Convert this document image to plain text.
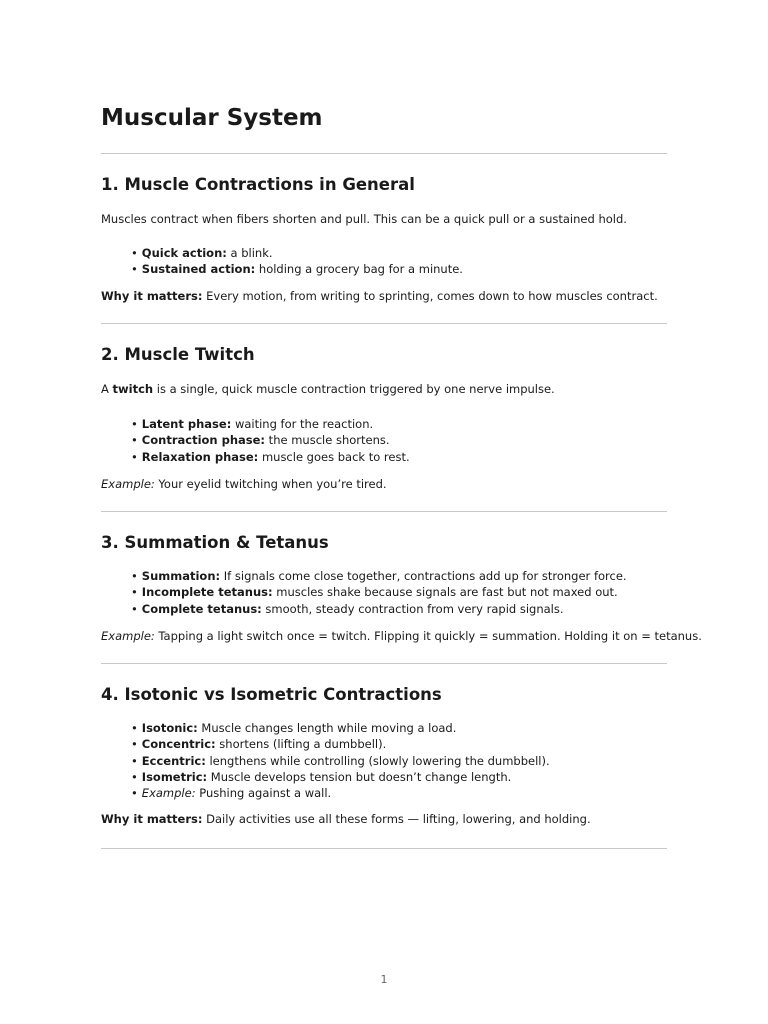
Muscular System
1. Muscle Contractions in General

Muscles contract when fibers shorten and pull. This can be a quick pull or a sustained hold.

• Quick action: a blink.
• Sustained action: holding a grocery bag for a minute.

Why it matters: Every motion, from writing to sprinting, comes down to how muscles contract.

2. Muscle Twitch

A twitch is a single, quick muscle contraction triggered by one nerve impulse.

• Latent phase: waiting for the reaction.
• Contraction phase: the muscle shortens.
• Relaxation phase: muscle goes back to rest.

Example: Your eyelid twitching when you’re tired.

3. Summation & Tetanus
• Summation: If signals come close together, contractions add up for stronger force.
• Incomplete tetanus: muscles shake because signals are fast but not maxed out.
• Complete tetanus: smooth, steady contraction from very rapid signals.

Example: Tapping a light switch once = twitch. Flipping it quickly = summation. Holding it on = tetanus.

4. Isotonic vs Isometric Contractions
• Isotonic: Muscle changes length while moving a load.
• Concentric: shortens (lifting a dumbbell).
• Eccentric: lengthens while controlling (slowly lowering the dumbbell).
• Isometric: Muscle develops tension but doesn’t change length.
• Example: Pushing against a wall.

Why it matters: Daily activities use all these forms — lifting, lowering, and holding.

1
